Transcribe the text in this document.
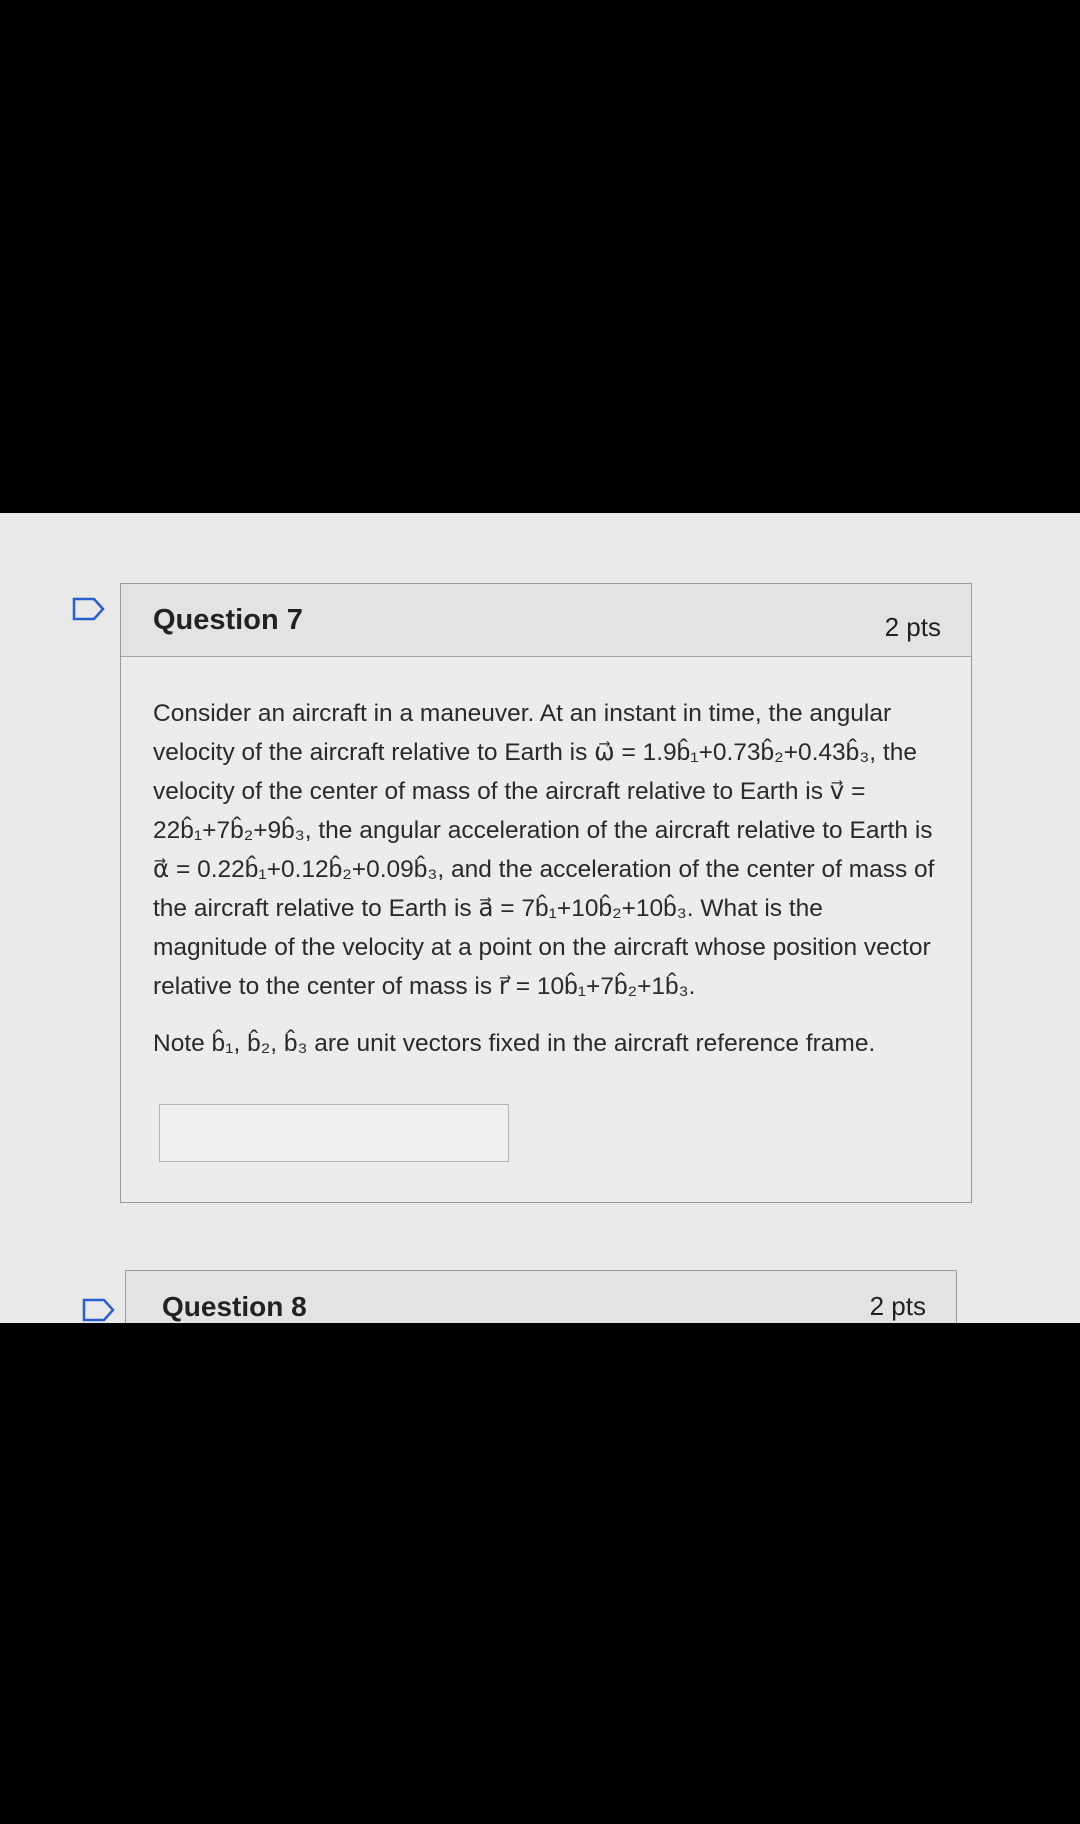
Question 7	2 pts

Consider an aircraft in a maneuver. At an instant in time, the angular velocity of the aircraft relative to Earth is ω⃗ = 1.9b̂₁+0.73b̂₂+0.43b̂₃, the velocity of the center of mass of the aircraft relative to Earth is v⃗ = 22b̂₁+7b̂₂+9b̂₃, the angular acceleration of the aircraft relative to Earth is α⃗ = 0.22b̂₁+0.12b̂₂+0.09b̂₃, and the acceleration of the center of mass of the aircraft relative to Earth is a⃗ = 7b̂₁+10b̂₂+10b̂₃. What is the magnitude of the velocity at a point on the aircraft whose position vector relative to the center of mass is r⃗ = 10b̂₁+7b̂₂+1b̂₃.

Note b̂₁, b̂₂, b̂₃ are unit vectors fixed in the aircraft reference frame.

Question 8	2 pts
